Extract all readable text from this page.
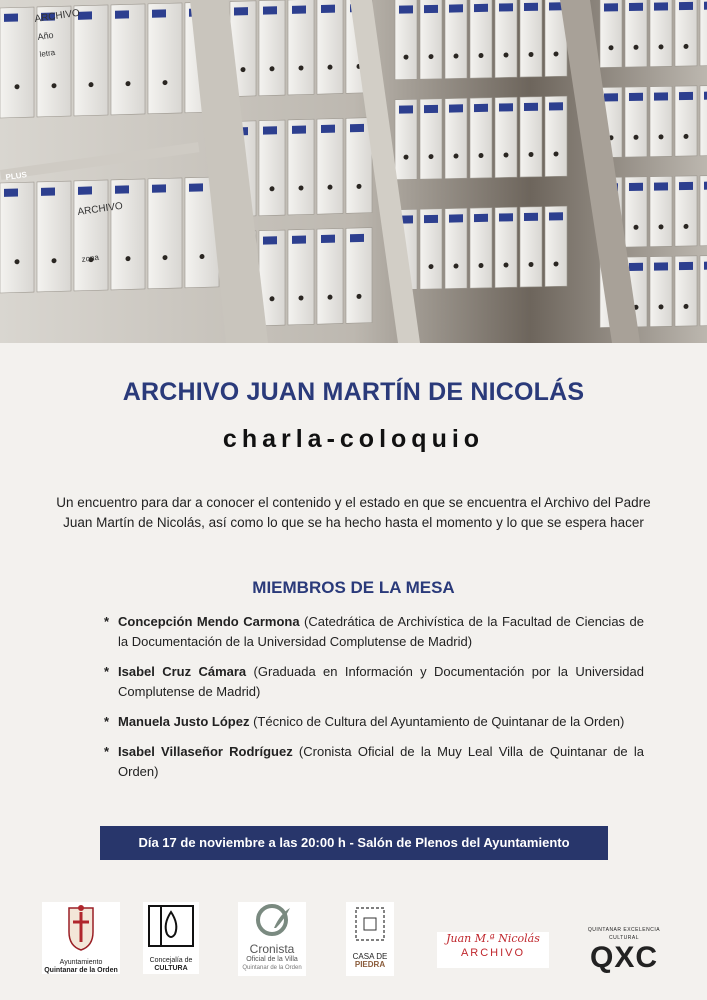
ARCHIVO
Año
letra
zona
ARCHIVO
PLUS
ARCHIVO JUAN MARTÍN DE NICOLÁS
charla-coloquio
Un encuentro para dar a conocer el contenido y el estado en que se encuentra el Archivo del Padre Juan Martín de Nicolás, así como lo que se ha hecho hasta el momento y lo que se espera hacer
MIEMBROS DE LA MESA
* Concepción Mendo Carmona (Catedrática de Archivística de la Facultad de Ciencias de la Documentación de la Universidad Complutense de Madrid)
* Isabel Cruz Cámara (Graduada en Información y Documentación por la Universidad Complutense de Madrid)
* Manuela Justo López (Técnico de Cultura del Ayuntamiento de Quintanar de la Orden)
* Isabel Villaseñor Rodríguez (Cronista Oficial de la Muy Leal Villa de Quintanar de la Orden)
Día 17 de noviembre a las 20:00 h - Salón de Plenos del Ayuntamiento
Ayuntamiento
Quintanar de la Orden
Concejalía de
CULTURA
Cronista
Oficial de la Villa
Quintanar de la Orden
CASA DE
PIEDRA
Juan M.ª Nicolás
ARCHIVO
QUINTANAR EXCELENCIA CULTURAL
QXC
